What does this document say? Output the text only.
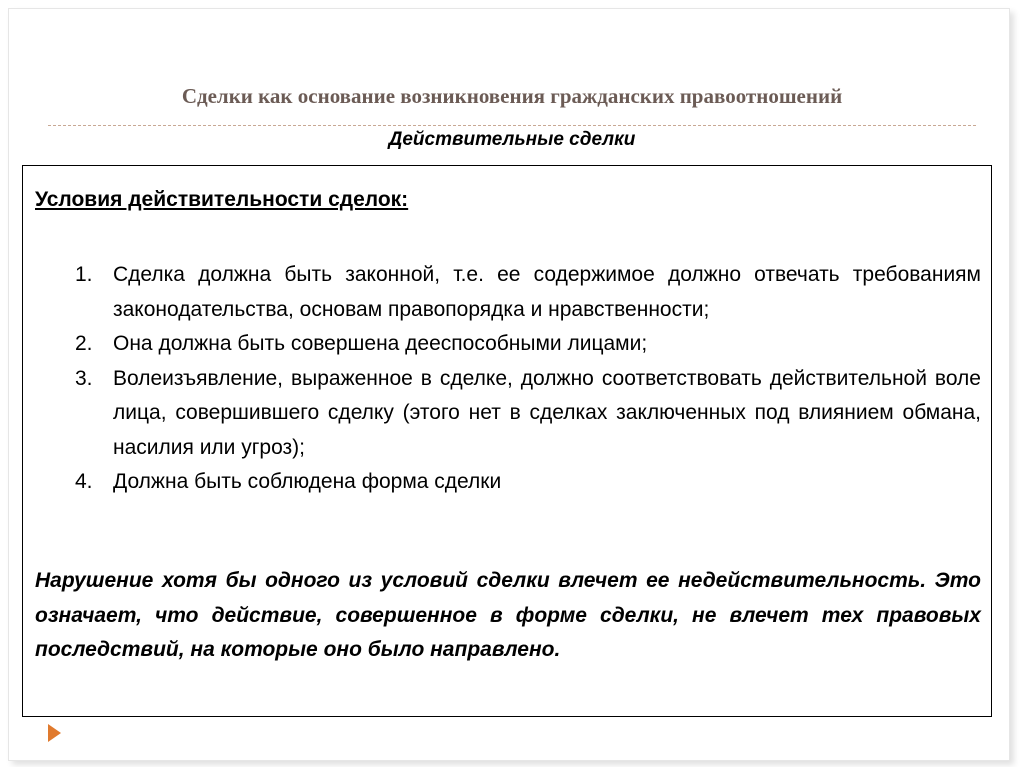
Сделки как основание возникновения гражданских правоотношений
Действительные сделки
Условия действительности сделок:
1. Сделка должна быть законной, т.е. ее содержимое должно отвечать требованиям законодательства, основам правопорядка и нравственности;
2. Она должна быть совершена дееспособными лицами;
3. Волеизъявление, выраженное в сделке, должно соответствовать действительной воле лица, совершившего сделку (этого нет в сделках заключенных под влиянием обмана, насилия или угроз);
4. Должна быть соблюдена форма сделки

Нарушение хотя бы одного из условий сделки влечет ее недействительность. Это означает, что действие, совершенное в форме сделки, не влечет тех правовых последствий, на которые оно было направлено.
